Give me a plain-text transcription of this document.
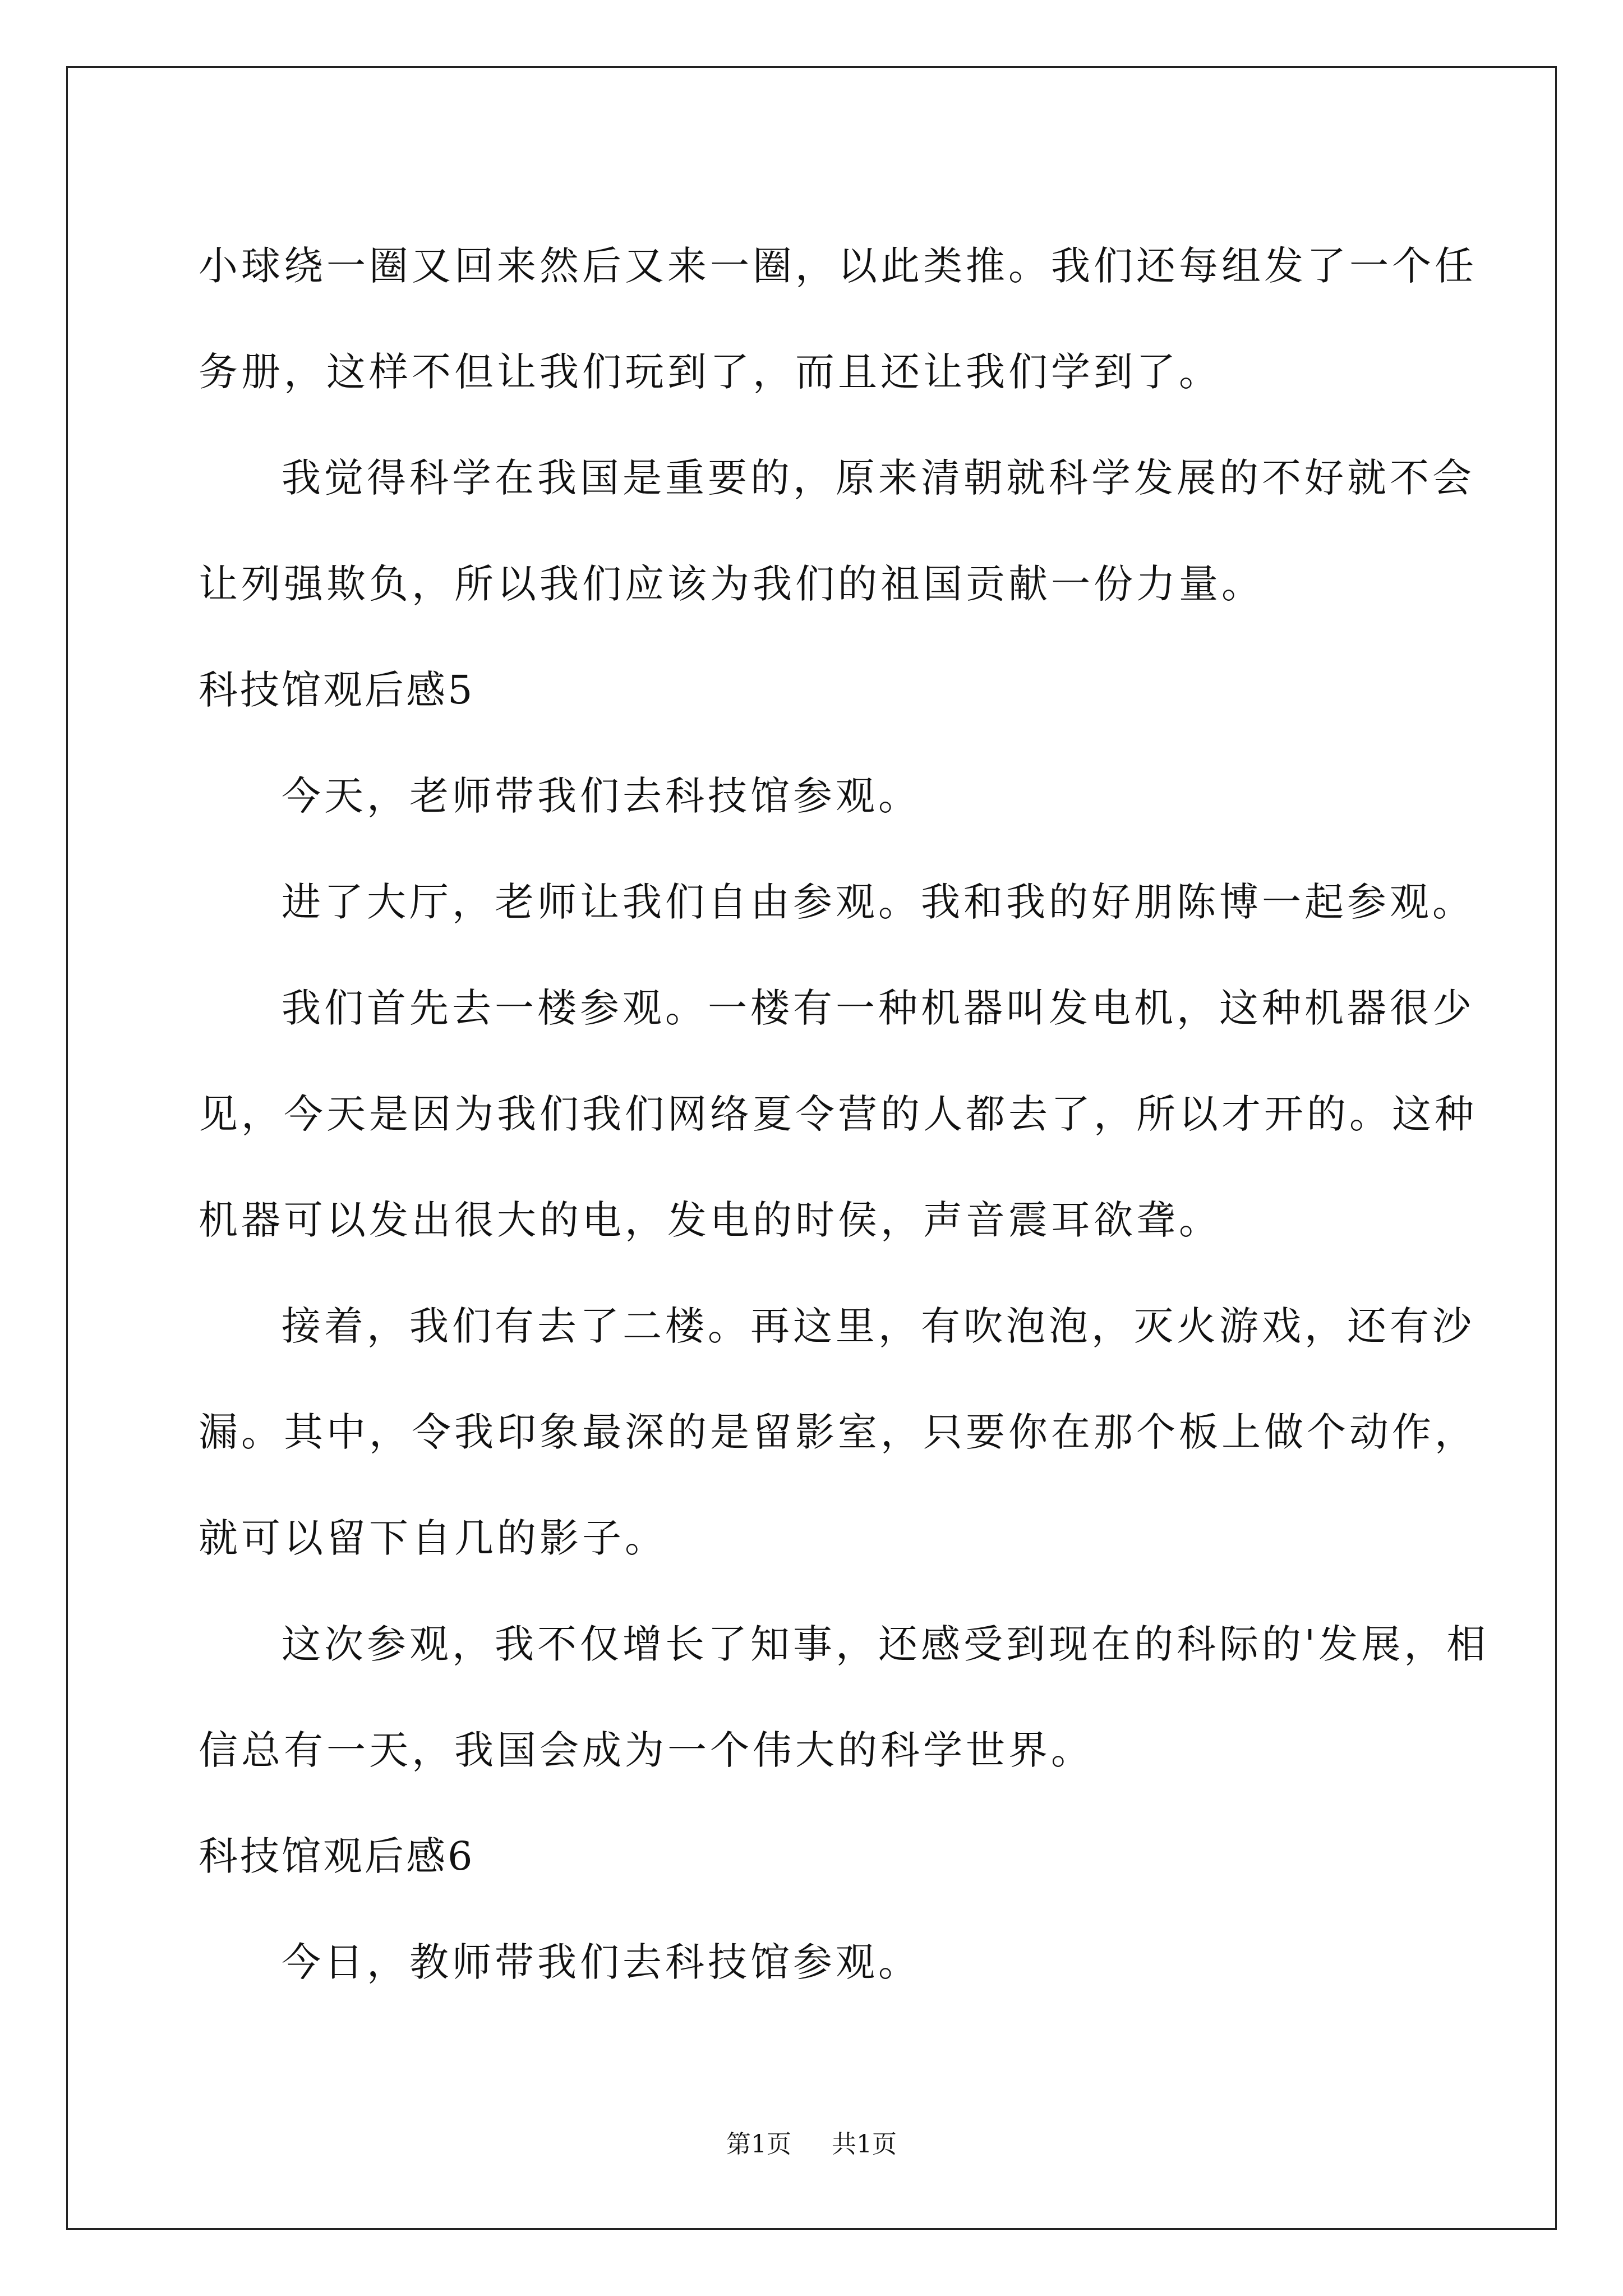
小球绕一圈又回来然后又来一圈，以此类推。我们还每组发了一个任
务册，这样不但让我们玩到了，而且还让我们学到了。
我觉得科学在我国是重要的，原来清朝就科学发展的不好就不会
让列强欺负，所以我们应该为我们的祖国贡献一份力量。
科技馆观后感5
今天，老师带我们去科技馆参观。
进了大厅，老师让我们自由参观。我和我的好朋陈博一起参观。
我们首先去一楼参观。一楼有一种机器叫发电机，这种机器很少
见，今天是因为我们我们网络夏令营的人都去了，所以才开的。这种
机器可以发出很大的电，发电的时侯，声音震耳欲聋。
接着，我们有去了二楼。再这里，有吹泡泡，灭火游戏，还有沙
漏。其中，令我印象最深的是留影室，只要你在那个板上做个动作，
就可以留下自几的影子。
这次参观，我不仅增长了知事，还感受到现在的科际的'发展，相
信总有一天，我国会成为一个伟大的科学世界。
科技馆观后感6
今日，教师带我们去科技馆参观。
第1页 共1页
